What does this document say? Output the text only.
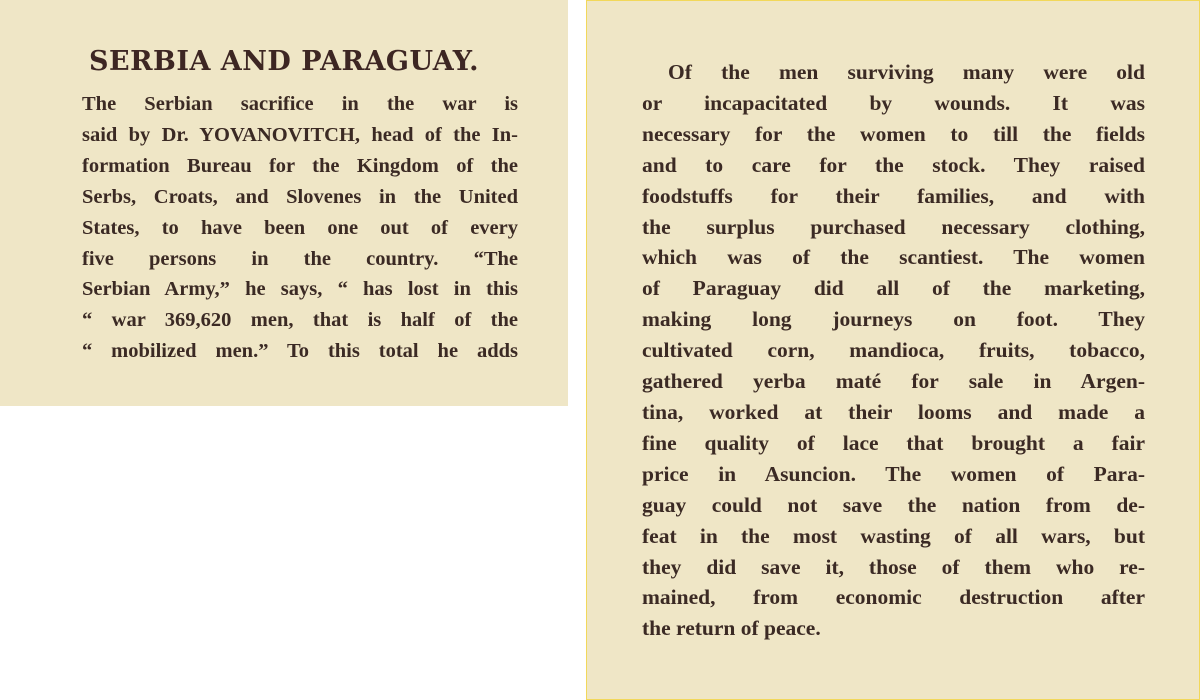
SERBIA AND PARAGUAY.
The Serbian sacrifice in the war is
said by Dr. YOVANOVITCH, head of the In-
formation Bureau for the Kingdom of the
Serbs, Croats, and Slovenes in the United
States, to have been one out of every
five persons in the country. “The
Serbian Army,” he says, “ has lost in this
“ war 369,620 men, that is half of the
“ mobilized men.” To this total he adds
Of the men surviving many were old
or incapacitated by wounds. It was
necessary for the women to till the fields
and to care for the stock. They raised
foodstuffs for their families, and with
the surplus purchased necessary clothing,
which was of the scantiest. The women
of Paraguay did all of the marketing,
making long journeys on foot. They
cultivated corn, mandioca, fruits, tobacco,
gathered yerba maté for sale in Argen-
tina, worked at their looms and made a
fine quality of lace that brought a fair
price in Asuncion. The women of Para-
guay could not save the nation from de-
feat in the most wasting of all wars, but
they did save it, those of them who re-
mained, from economic destruction after
the return of peace.
